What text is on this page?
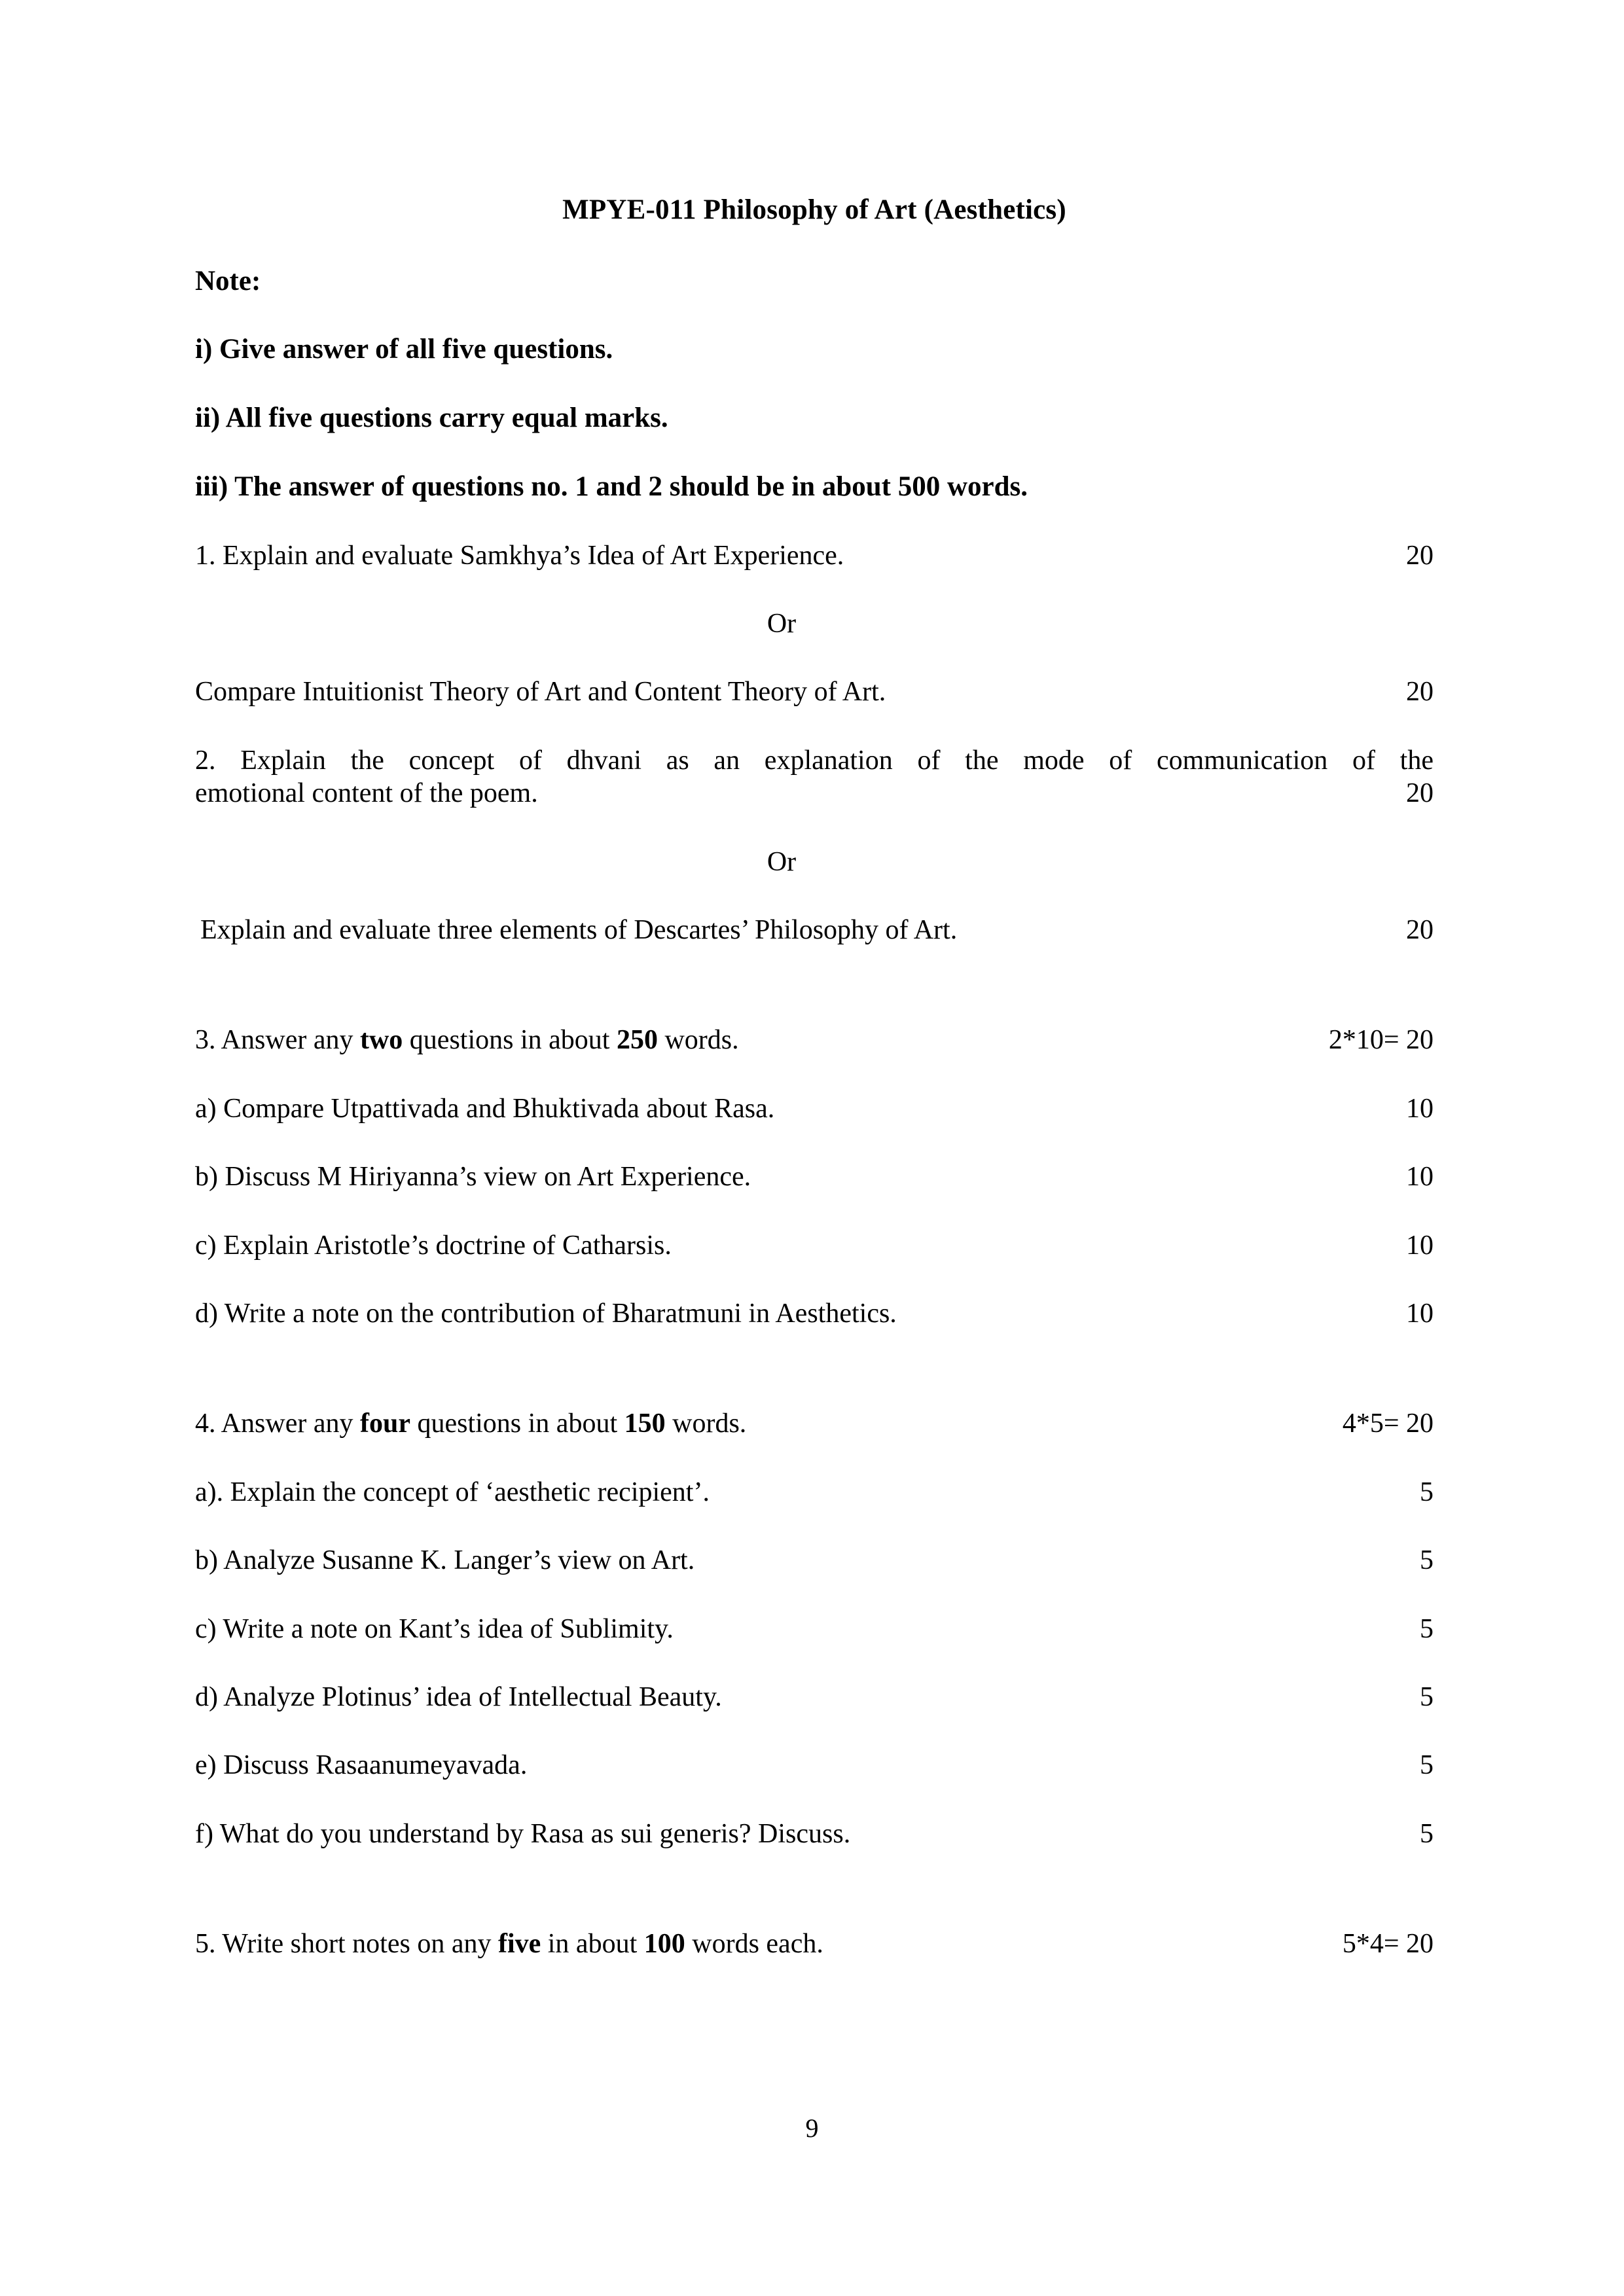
MPYE-011 Philosophy of Art (Aesthetics)
Note:
i) Give answer of all five questions.
ii) All five questions carry equal marks.
iii) The answer of questions no. 1 and 2 should be in about 500 words.
1. Explain and evaluate Samkhya’s Idea of Art Experience.	20
Or
Compare Intuitionist Theory of Art and Content Theory of Art.	20
2. Explain the concept of dhvani as an explanation of the mode of communication of the
emotional content of the poem.	20
Or
Explain and evaluate three elements of Descartes’ Philosophy of Art.	20
3. Answer any two questions in about 250 words.	2*10= 20
a) Compare Utpattivada and Bhuktivada about Rasa.	10
b) Discuss M Hiriyanna’s view on Art Experience.	10
c) Explain Aristotle’s doctrine of Catharsis.	10
d) Write a note on the contribution of Bharatmuni in Aesthetics.	10
4. Answer any four questions in about 150 words.	4*5= 20
a). Explain the concept of ‘aesthetic recipient’.	5
b) Analyze Susanne K. Langer’s view on Art.	5
c) Write a note on Kant’s idea of Sublimity.	5
d) Analyze Plotinus’ idea of Intellectual Beauty.	5
e) Discuss Rasaanumeyavada.	5
f) What do you understand by Rasa as sui generis? Discuss.	5
5. Write short notes on any five in about 100 words each.	5*4= 20
9
